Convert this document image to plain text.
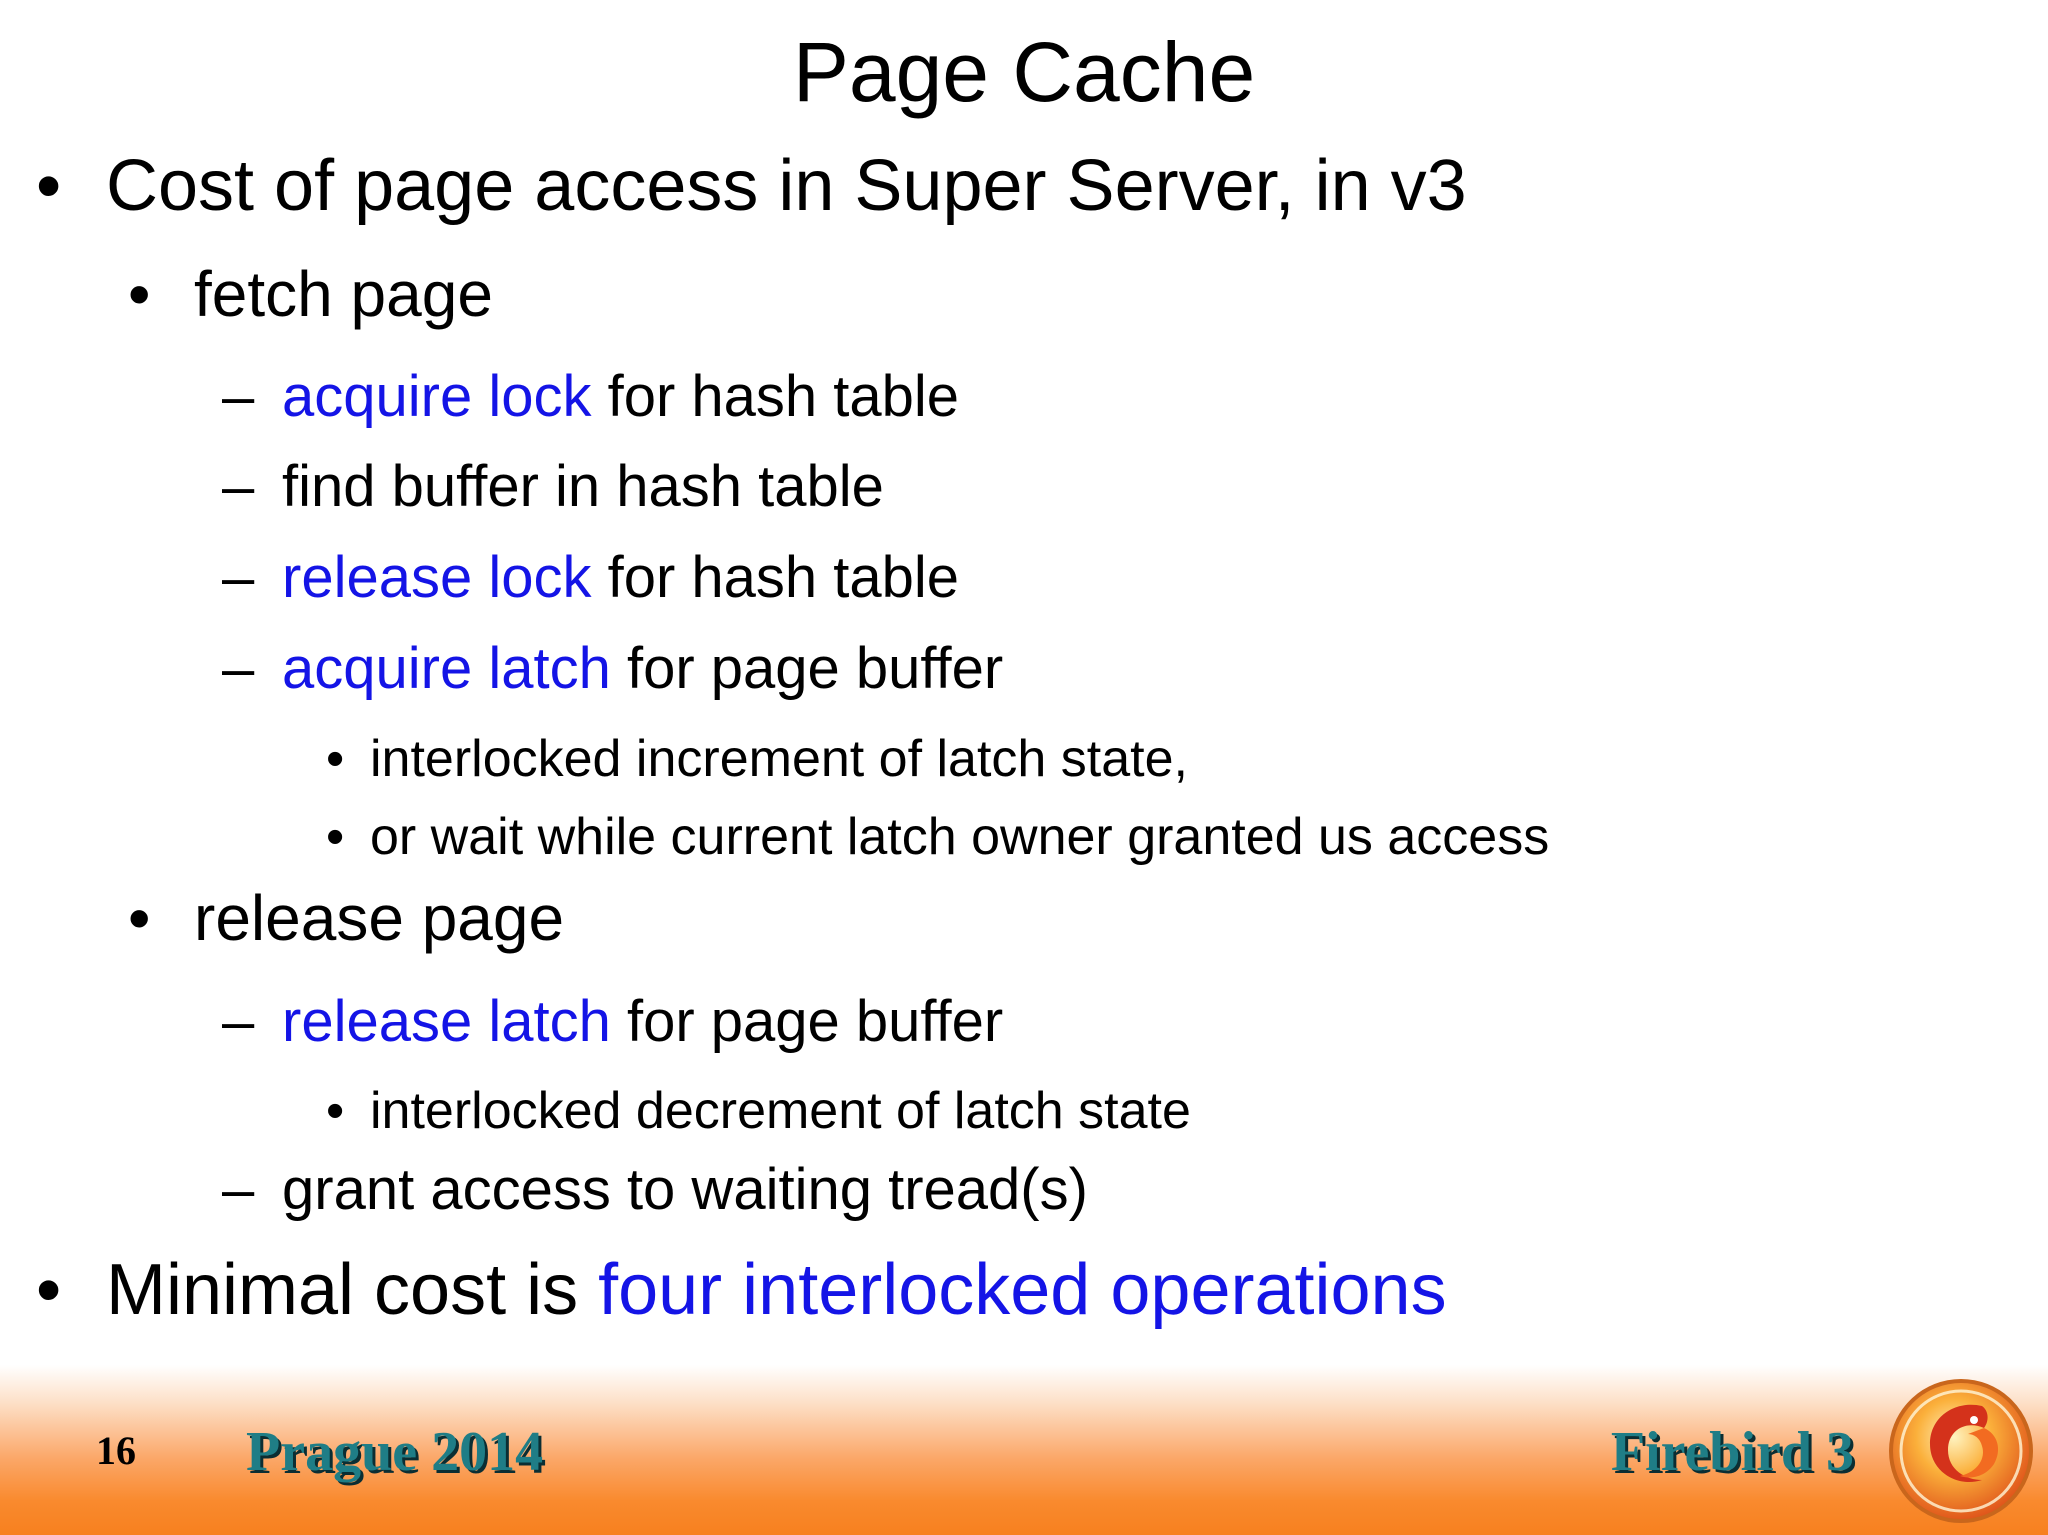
Page Cache
• Cost of page access in Super Server, in v3
• fetch page
– acquire lock for hash table
– find buffer in hash table
– release lock for hash table
– acquire latch for page buffer
• interlocked increment of latch state,
• or wait while current latch owner granted us access
• release page
– release latch for page buffer
• interlocked decrement of latch state
– grant access to waiting tread(s)
• Minimal cost is four interlocked operations
16 Prague 2014	Firebird 3
